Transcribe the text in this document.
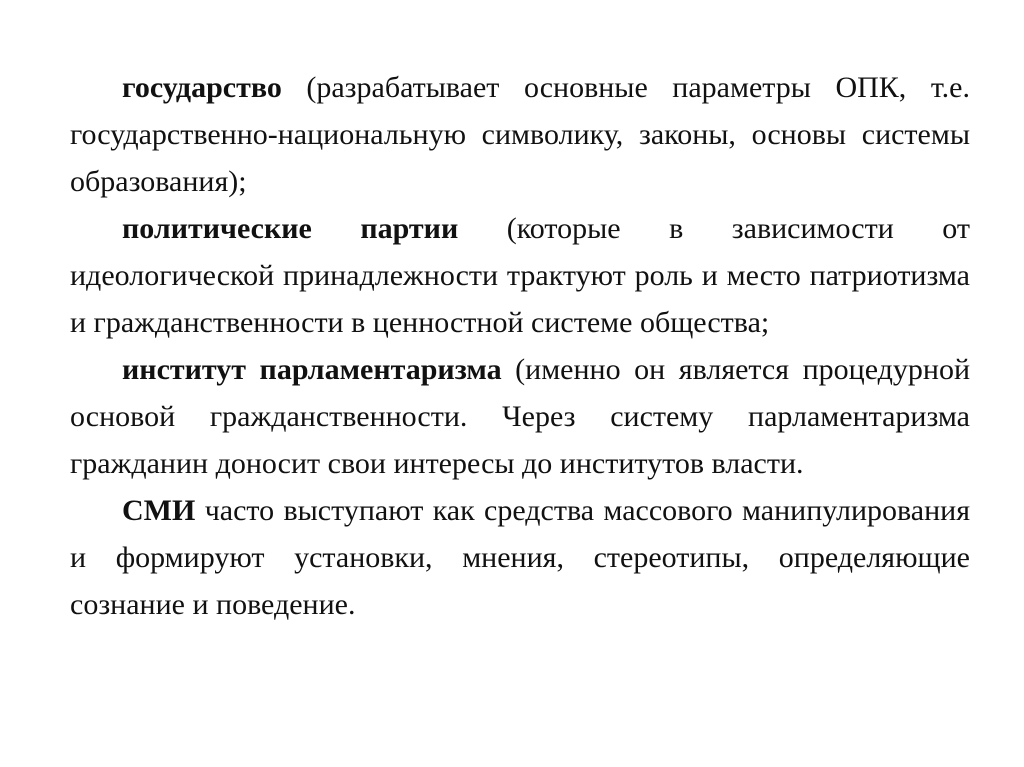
государство (разрабатывает основные параметры ОПК, т.е. государственно-национальную символику, законы, основы системы образования);

политические партии (которые в зависимости от идеологической принадлежности трактуют роль и место патриотизма и гражданственности в ценностной системе общества;

институт парламентаризма (именно он является процедурной основой гражданственности. Через систему парламентаризма гражданин доносит свои интересы до институтов власти.

СМИ часто выступают как средства массового манипулирования и формируют установки, мнения, стереотипы, определяющие сознание и поведение.
